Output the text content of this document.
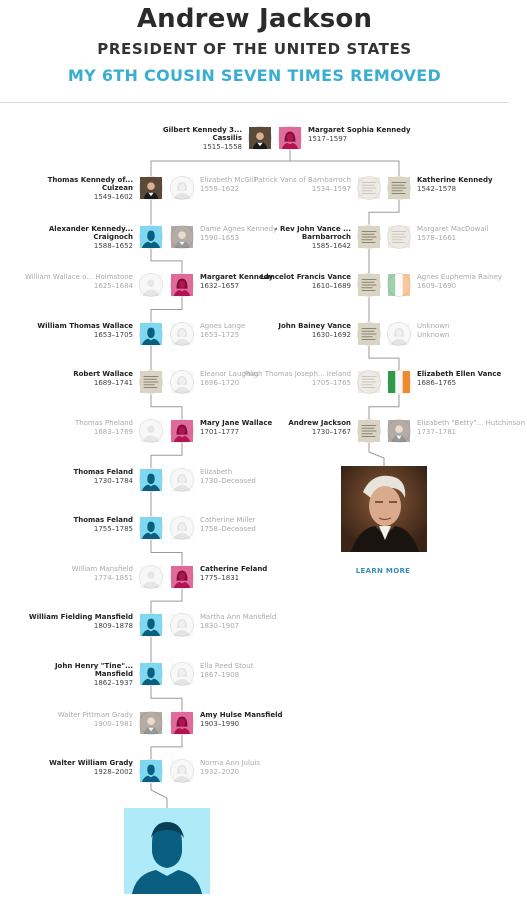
Andrew Jackson
PRESIDENT OF THE UNITED STATES
MY 6TH COUSIN SEVEN TIMES REMOVED
Gilbert Kennedy 3... Cassilis
1515–1558
Margaret Sophia Kennedy
1517–1597
Thomas Kennedy of... Culzean
1549–1602
Elizabeth McGill
1559–1622
Alexander Kennedy... Craignoch
1588–1652
Dame Agnes Kennedy
1590–1653
William Wallace o... Holmstone
1625–1684
Margaret Kennedy
1632–1657
William Thomas Wallace
1653–1705
Agnes Lange
1653–1725
Robert Wallace
1689–1741
Eleanor Laughlin
1696–1720
Thomas Pheland
1683–1769
Mary Jane Wallace
1701–1777
Thomas Feland
1730–1784
Elizabeth
1730–Deceased
Thomas Feland
1755–1785
Catherine Miller
1758–Deceased
William Mansfield
1774–1851
Catherine Feland
1775–1831
William Fielding Mansfield
1809–1878
Martha Ann Mansfield
1830–1907
John Henry "Tine"... Mansfield
1862–1937
Ella Reed Stout
1867–1908
Walter Pittman Grady
1900–1981
Amy Hulse Mansfield
1903–1990
Walter William Grady
1928–2002
Norma Ann Juluis
1932–2020
Patrick Vans of Barnbarroch
1534–1597
Katherine Kennedy
1542–1578
- Rev John Vance ... Barnbarroch
1585–1642
Margaret MacDowall
1578–1661
Lancelot Francis Vance
1610–1689
Agnes Euphemia Rainey
1609–1690
John Bainey Vance
1630–1692
Unknown
Unknown
Hugh Thomas Joseph... Ireland
1705–1765
Elizabeth Ellen Vance
1686–1765
Andrew Jackson
1730–1767
Elizabeth "Betty"... Hutchinson
1737–1781
LEARN MORE
